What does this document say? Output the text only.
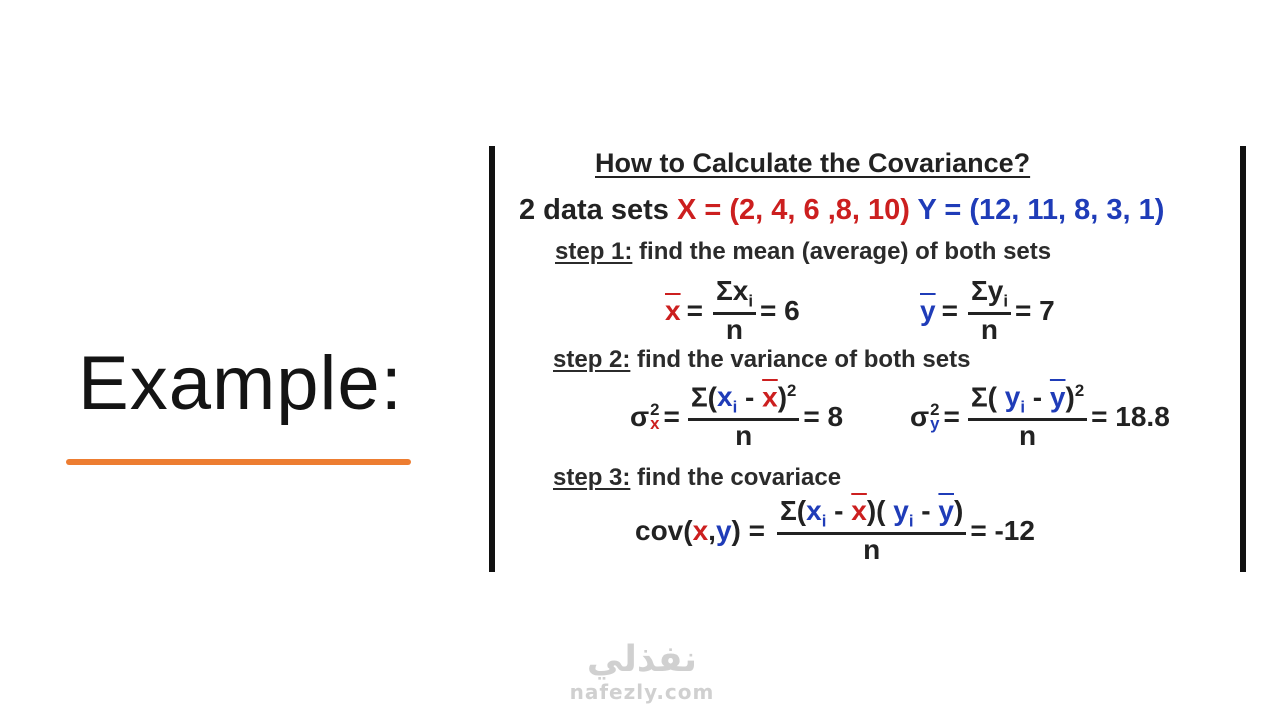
Example:
How to Calculate the Covariance?
2 data sets X = (2, 4, 6 ,8, 10) Y = (12, 11, 8, 3, 1)
step 1: find the mean (average) of both sets
$\overline{x} = \frac{\Sigma x_i}{n} = 6$	$\overline{y} = \frac{\Sigma y_i}{n} = 7$
step 2: find the variance of both sets
σ 2
$x = \frac{\Sigma(x_i - \overline{x})^2}{n} = 8$ σ 2
$y = \frac{\Sigma( y_i - \overline{y})^2}{n} = 18.8$
step 3: find the covariace
cov( x , y ) = $\frac{\Sigma(x_i - \overline{x})( y_i - \overline{y})}{n} = -12$
نفذلي
nafezly.com
